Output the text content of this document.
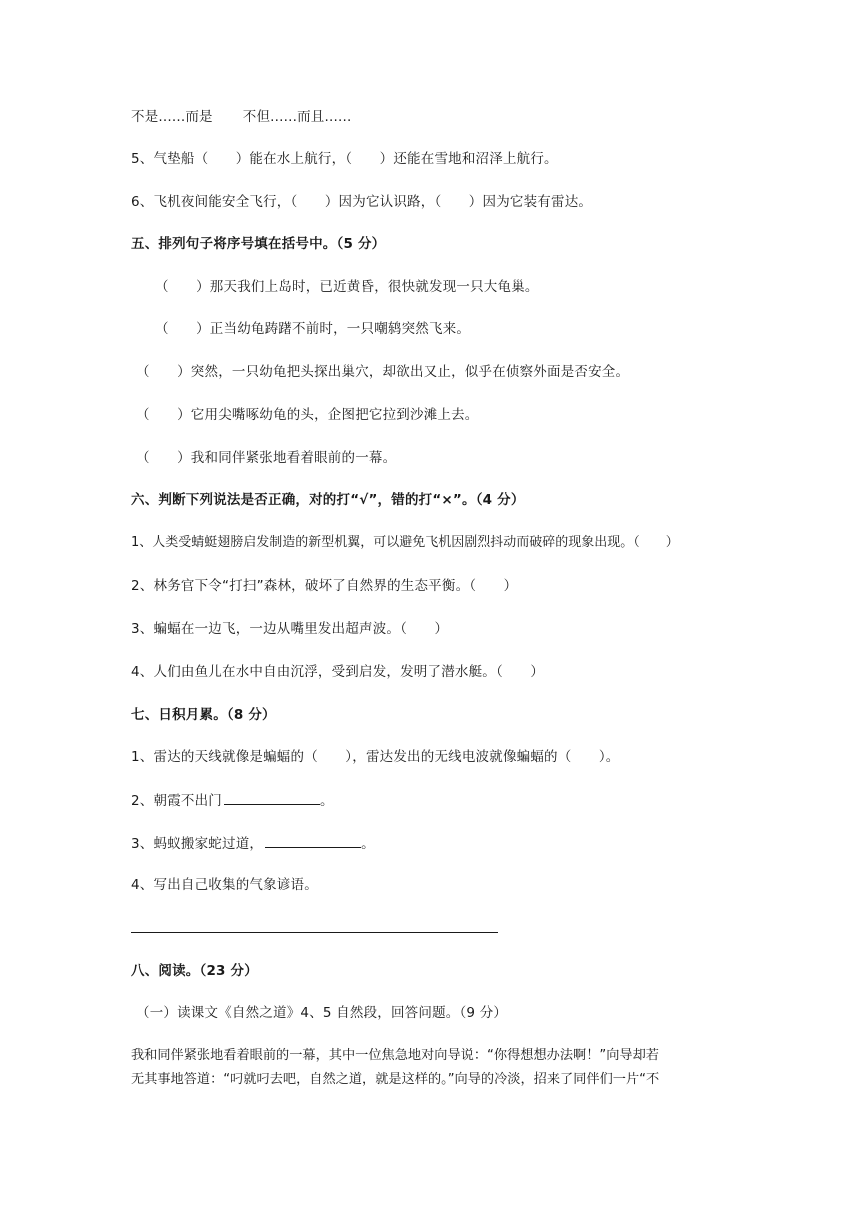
不是......而是 不但......而且......
5、气垫船（　　）能在水上航行，（　　）还能在雪地和沼泽上航行。
6、飞机夜间能安全飞行，（　　）因为它认识路，（　　）因为它装有雷达。
五、排列句子将序号填在括号中。（5 分）
（　　）那天我们上岛时，已近黄昏，很快就发现一只大龟巢。
（　　）正当幼龟踌躇不前时，一只嘲鸫突然飞来。
（　　）突然，一只幼龟把头探出巢穴，却欲出又止，似乎在侦察外面是否安全。
（　　）它用尖嘴啄幼龟的头，企图把它拉到沙滩上去。
（　　）我和同伴紧张地看着眼前的一幕。
六、判断下列说法是否正确，对的打“√”，错的打“×”。（4 分）
1、人类受蜻蜓翅膀启发制造的新型机翼，可以避免飞机因剧烈抖动而破碎的现象出现。（　　）
2、林务官下令“打扫”森林，破坏了自然界的生态平衡。（　　）
3、蝙蝠在一边飞，一边从嘴里发出超声波。（　　）
4、人们由鱼儿在水中自由沉浮，受到启发，发明了潜水艇。（　　）
七、日积月累。（8 分）
1、雷达的天线就像是蝙蝠的（　　），雷达发出的无线电波就像蝙蝠的（　　）。
2、朝霞不出门	。
3、蚂蚁搬家蛇过道，	。
4、写出自己收集的气象谚语。
八、阅读。（23 分）
（一）读课文《自然之道》4、5 自然段，回答问题。（9 分）
我和同伴紧张地看着眼前的一幕，其中一位焦急地对向导说：“你得想想办法啊！”向导却若
无其事地答道：“叼就叼去吧，自然之道，就是这样的。”向导的冷淡，招来了同伴们一片“不
